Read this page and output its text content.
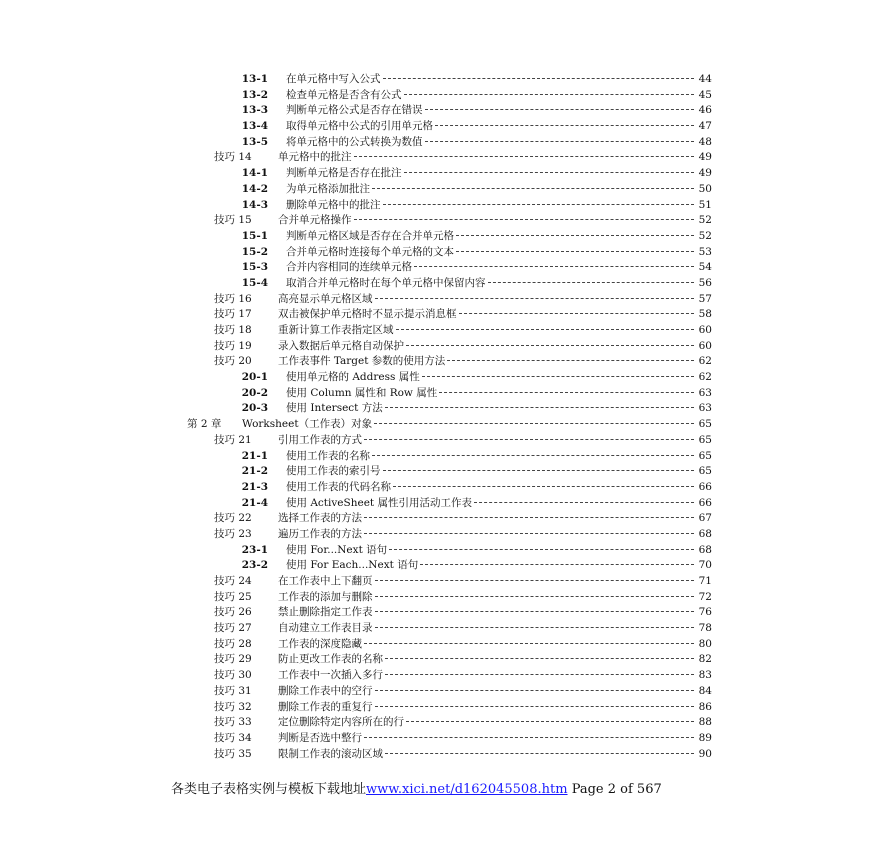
13-1 在单元格中写入公式	44
13-2 检查单元格是否含有公式	45
13-3 判断单元格公式是否存在错误	46
13-4 取得单元格中公式的引用单元格	47
13-5 将单元格中的公式转换为数值	48
技巧 14	单元格中的批注	49
14-1 判断单元格是否存在批注	49
14-2 为单元格添加批注	50
14-3 删除单元格中的批注	51
技巧 15	合并单元格操作	52
15-1 判断单元格区域是否存在合并单元格	52
15-2 合并单元格时连接每个单元格的文本	53
15-3 合并内容相同的连续单元格	54
15-4 取消合并单元格时在每个单元格中保留内容	56
技巧 16	高亮显示单元格区域	57
技巧 17	双击被保护单元格时不显示提示消息框	58
技巧 18	重新计算工作表指定区域	60
技巧 19	录入数据后单元格自动保护	60
技巧 20	工作表事件 Target 参数的使用方法	62
20-1 使用单元格的 Address 属性	62
20-2 使用 Column 属性和 Row 属性	63
20-3 使用 Intersect 方法	63
第 2 章 Worksheet（工作表）对象	65
技巧 21	引用工作表的方式	65
21-1 使用工作表的名称	65
21-2 使用工作表的索引号	65
21-3 使用工作表的代码名称	66
21-4 使用 ActiveSheet 属性引用活动工作表	66
技巧 22	选择工作表的方法	67
技巧 23	遍历工作表的方法	68
23-1 使用 For...Next 语句	68
23-2 使用 For Each...Next 语句	70
技巧 24	在工作表中上下翻页	71
技巧 25	工作表的添加与删除	72
技巧 26	禁止删除指定工作表	76
技巧 27	自动建立工作表目录	78
技巧 28	工作表的深度隐藏	80
技巧 29	防止更改工作表的名称	82
技巧 30	工作表中一次插入多行	83
技巧 31	删除工作表中的空行	84
技巧 32	删除工作表的重复行	86
技巧 33	定位删除特定内容所在的行	88
技巧 34	判断是否选中整行	89
技巧 35	限制工作表的滚动区域	90
各类电子表格实例与模板下载地址www.xici.net/d162045508.htm Page 2 of 567
